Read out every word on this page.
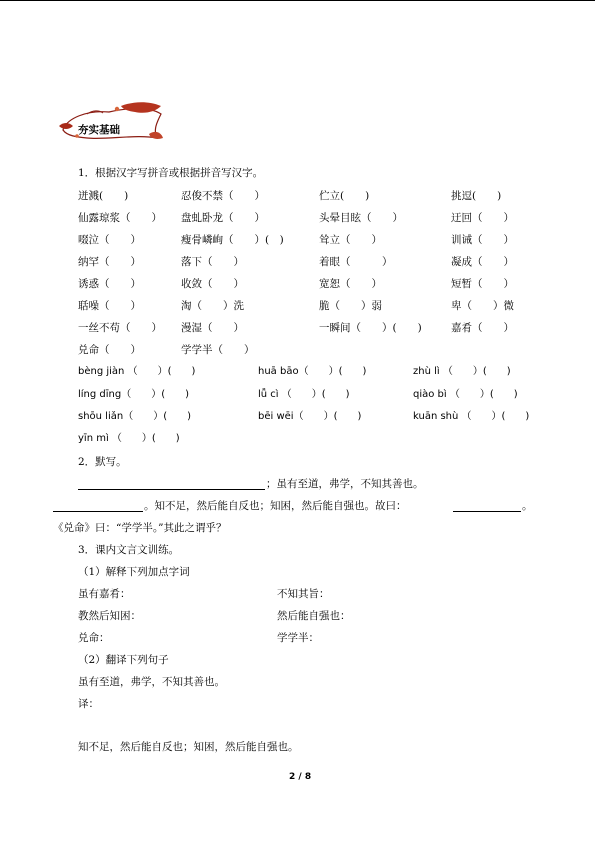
夯实基础
1．根据汉字写拼音或根据拼音写汉字。
迸溅(　　)	忍俊不禁（　　）	伫立(　　)	挑逗(　　)
仙露琼浆（　　） 盘虬卧龙（　　）	头晕目眩（　　）	迂回（　　）
啜泣（　　）	瘦骨嶙峋（　　）(　)	耸立（　　）	训诫（　　）
纳罕（　　）	落下（　　）	着眼（　　　）	凝成（　　）
诱惑（　　）	收敛（　　）	宽恕（　　）	短暂（　　）
聒噪（　　）	淘（　　）洗	脆（　　）弱	卑（　　）微
一丝不苟（　　） 漫湿（　　）	一瞬间（　　）(　　)	嘉肴（　　）
兑命（　　）	学学半（　　）
bèng jiàn （　　）(　　)	huā bāo（　　）(　　)	zhù lì （　　）(　　)
líng dīng（　　）(　　)	lǚ cì （　　）(　　)	qiào bì （　　）(　　)
shōu liǎn（　　）(　　)	bēi wēi（　　）(　　)	kuān shù （　　）(　　)
yīn mì （　　）(　　)
2．默写。
；虽有至道，弗学，不知其善也。
。知不足，然后能自反也；知困，然后能自强也。故曰：	。
《兑命》曰：“学学半。”其此之谓乎？
3．课内文言文训练。
（1）解释下列加点字词
虽有嘉肴：	不知其旨：
教然后知困：	然后能自强也：
兑命：	学学半：
（2）翻译下列句子
虽有至道，弗学，不知其善也。
译：
知不足，然后能自反也；知困，然后能自强也。
2 / 8
